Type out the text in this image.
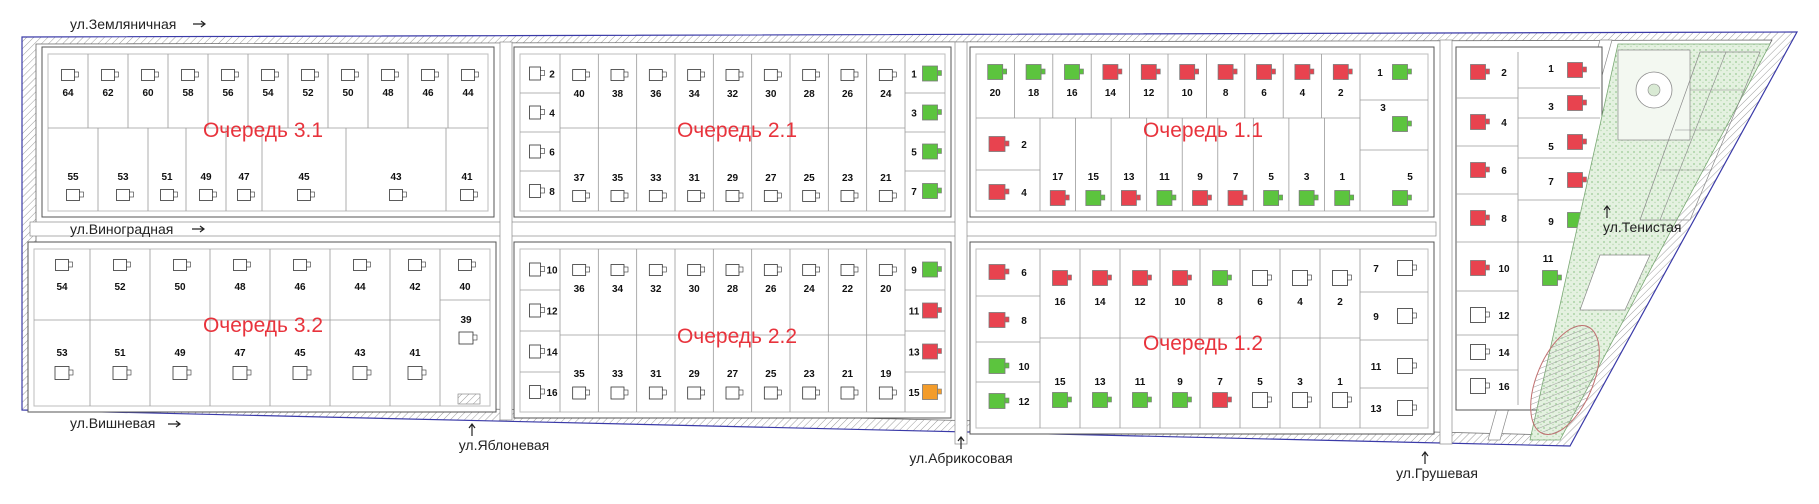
64	62	60	58	56	54	52	50	48	46	44
55	53	51	49	47	45	43	41
54	52	50	48	46	44	42	40
53	51	49	47	45	43	41
39
2
4
6
8
40	38	36	34	32	30	28	26	24
37	35	33	31	29	27	25	23	21
1
3
5
7
10
12
14
16
36	34	32	30	28	26	24	22	20
35	33	31	29	27	25	23	21	19
9
11
13
15
20	18	16	14	12	10	8	6	4	2
2
4
17 15 13 11	9	7	5	3	1
1
3
5
6
8
10
12
16	14	12	10	8	6	4	2
15	13	11	9	7	5	3	1
7
9
11
13
2
4
6
8
10
12
14
16
1
3
5
7
9
11
Очередь 3.1
Очередь 3.2
Очередь 2.1
Очередь 2.2
Очередь 1.1
Очередь 1.2
ул.Земляничная
ул.Виноградная
ул.Вишневая
ул.Яблоневая
ул.Абрикосовая
ул.Грушевая
ул.Тенистая
